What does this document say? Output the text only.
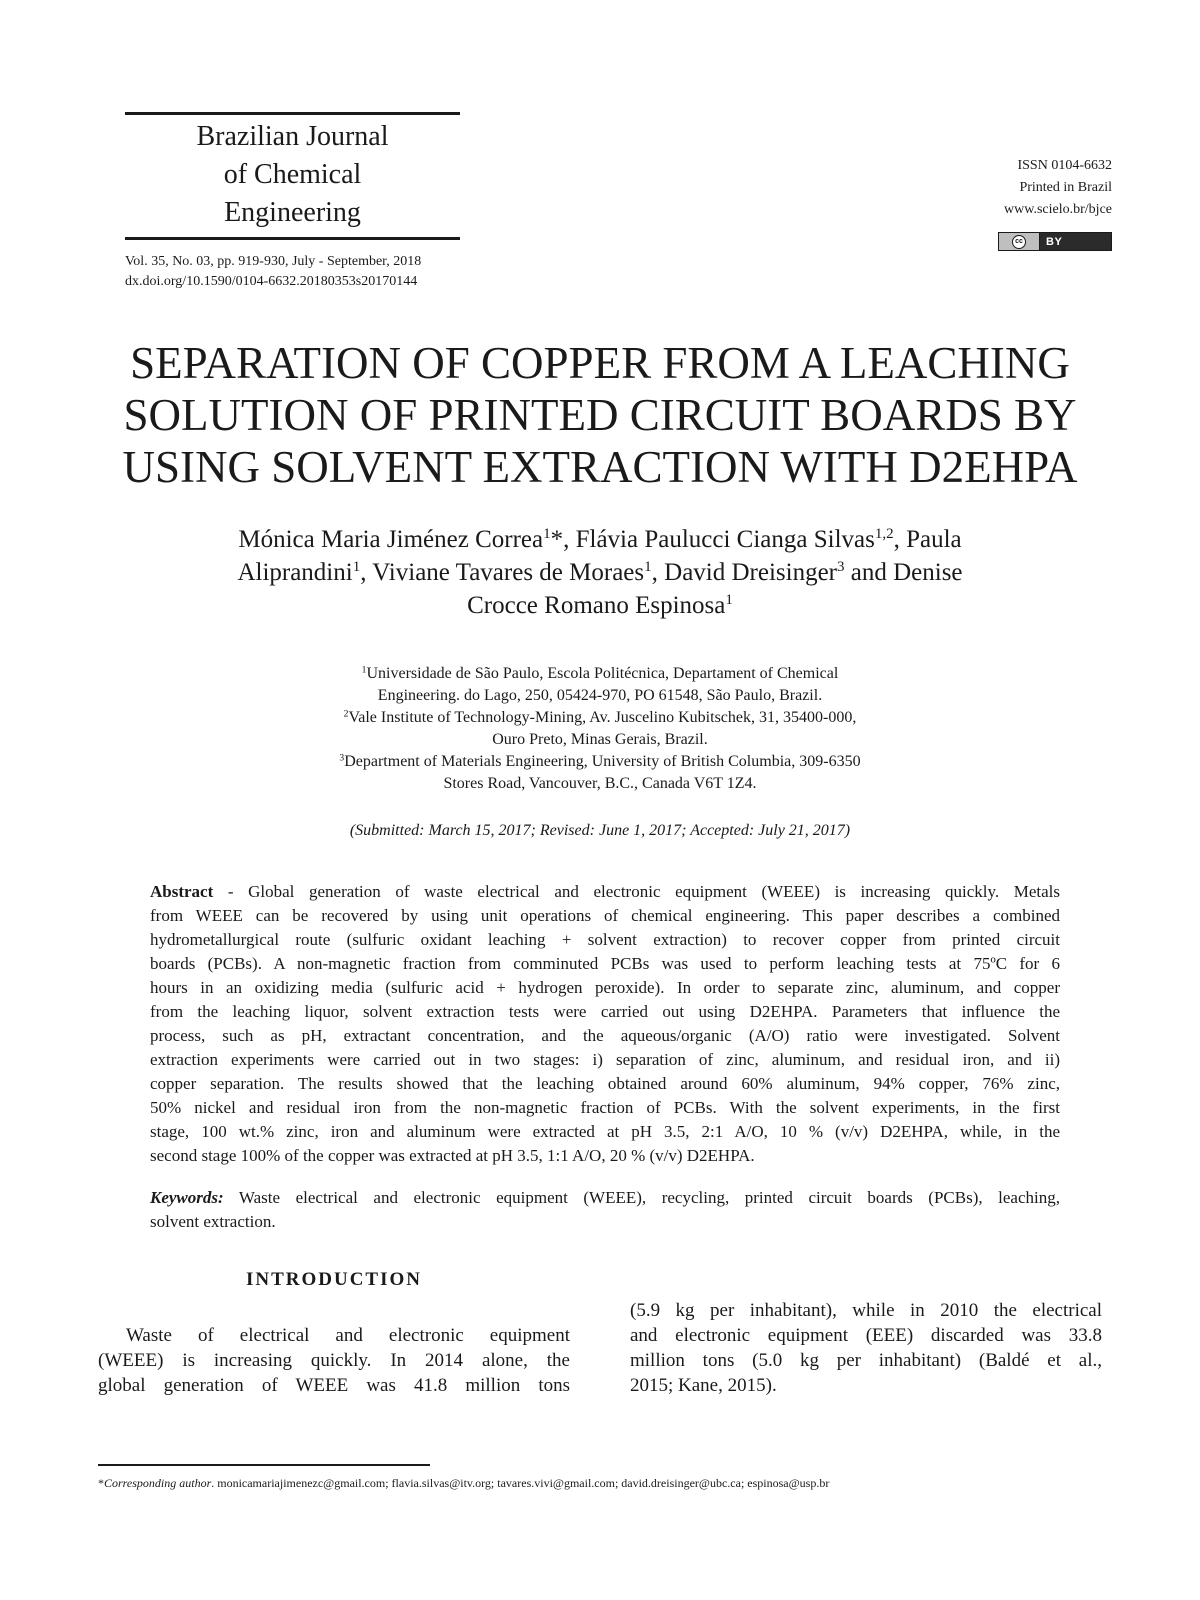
Brazilian Journal
of Chemical
Engineering
Vol. 35, No. 03, pp. 919-930, July - September, 2018
dx.doi.org/10.1590/0104-6632.20180353s20170144
ISSN 0104-6632
Printed in Brazil
www.scielo.br/bjce
cc	BY
SEPARATION OF COPPER FROM A LEACHING
SOLUTION OF PRINTED CIRCUIT BOARDS BY
USING SOLVENT EXTRACTION WITH D2EHPA
Mónica Maria Jiménez Correa$^1$*, Flávia Paulucci Cianga Silvas$^{1,2}$, Paula
Aliprandini$^1$, Viviane Tavares de Moraes$^1$, David Dreisinger$^3$ and Denise
Crocce Romano Espinosa$^1$
$^1$Universidade de São Paulo, Escola Politécnica, Departament of Chemical
Engineering. do Lago, 250, 05424-970, PO 61548, São Paulo, Brazil.
$^2$Vale Institute of Technology-Mining, Av. Juscelino Kubitschek, 31, 35400-000,
Ouro Preto, Minas Gerais, Brazil.
$^3$Department of Materials Engineering, University of British Columbia, 309-6350
Stores Road, Vancouver, B.C., Canada V6T 1Z4.
(Submitted: March 15, 2017; Revised: June 1, 2017; Accepted: July 21, 2017)
Abstract - Global generation of waste electrical and electronic equipment (WEEE) is increasing quickly. Metals
from WEEE can be recovered by using unit operations of chemical engineering. This paper describes a combined
hydrometallurgical route (sulfuric oxidant leaching + solvent extraction) to recover copper from printed circuit
boards (PCBs). A non-magnetic fraction from comminuted PCBs was used to perform leaching tests at 75ºC for 6
hours in an oxidizing media (sulfuric acid + hydrogen peroxide). In order to separate zinc, aluminum, and copper
from the leaching liquor, solvent extraction tests were carried out using D2EHPA. Parameters that influence the
process, such as pH, extractant concentration, and the aqueous/organic (A/O) ratio were investigated. Solvent
extraction experiments were carried out in two stages: i) separation of zinc, aluminum, and residual iron, and ii)
copper separation. The results showed that the leaching obtained around 60% aluminum, 94% copper, 76% zinc,
50% nickel and residual iron from the non-magnetic fraction of PCBs. With the solvent experiments, in the first
stage, 100 wt.% zinc, iron and aluminum were extracted at pH 3.5, 2:1 A/O, 10 % (v/v) D2EHPA, while, in the
second stage 100% of the copper was extracted at pH 3.5, 1:1 A/O, 20 % (v/v) D2EHPA.
Keywords: Waste electrical and electronic equipment (WEEE), recycling, printed circuit boards (PCBs), leaching,
solvent extraction.
INTRODUCTION
Waste of electrical and electronic equipment
(WEEE) is increasing quickly. In 2014 alone, the
global generation of WEEE was 41.8 million tons
(5.9 kg per inhabitant), while in 2010 the electrical
and electronic equipment (EEE) discarded was 33.8
million tons (5.0 kg per inhabitant) (Baldé et al.,
2015; Kane, 2015).
*Corresponding author. monicamariajimenezc@gmail.com; flavia.silvas@itv.org; tavares.vivi@gmail.com; david.dreisinger@ubc.ca; espinosa@usp.br
